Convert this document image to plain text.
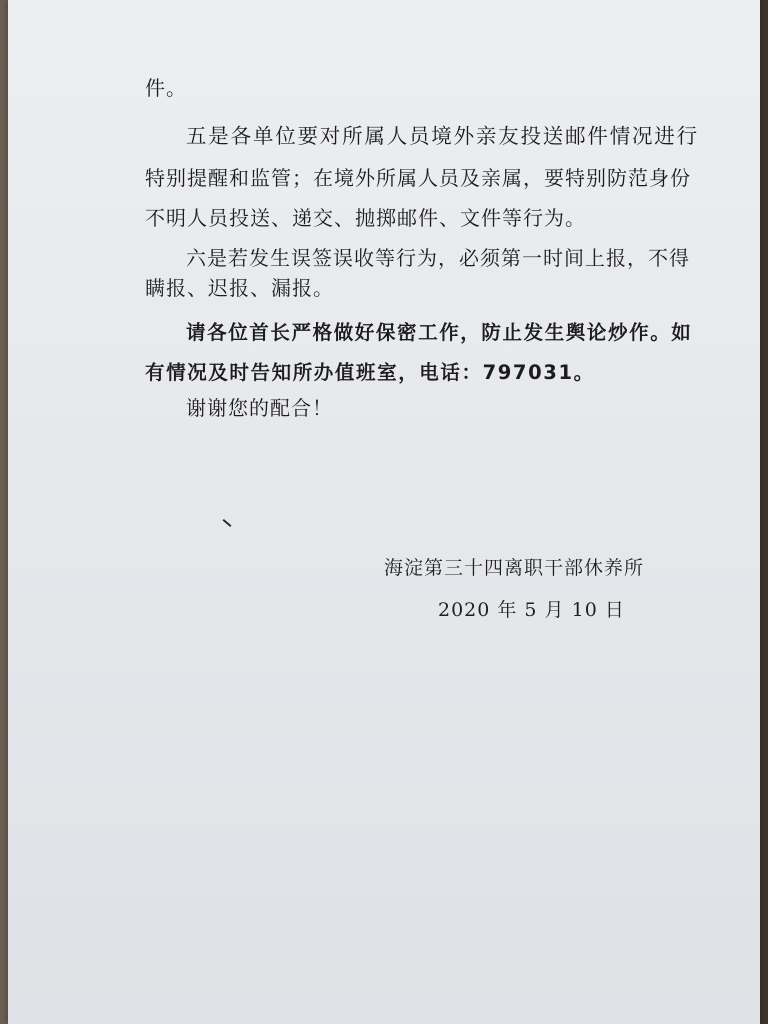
件。
五是各单位要对所属人员境外亲友投送邮件情况进行
特别提醒和监管；在境外所属人员及亲属，要特别防范身份
不明人员投送、递交、抛掷邮件、文件等行为。
六是若发生误签误收等行为，必须第一时间上报，不得
瞒报、迟报、漏报。
请各位首长严格做好保密工作，防止发生舆论炒作。如
有情况及时告知所办值班室，电话：797031。
谢谢您的配合！
海淀第三十四离职干部休养所
2020 年 5 月 10 日
